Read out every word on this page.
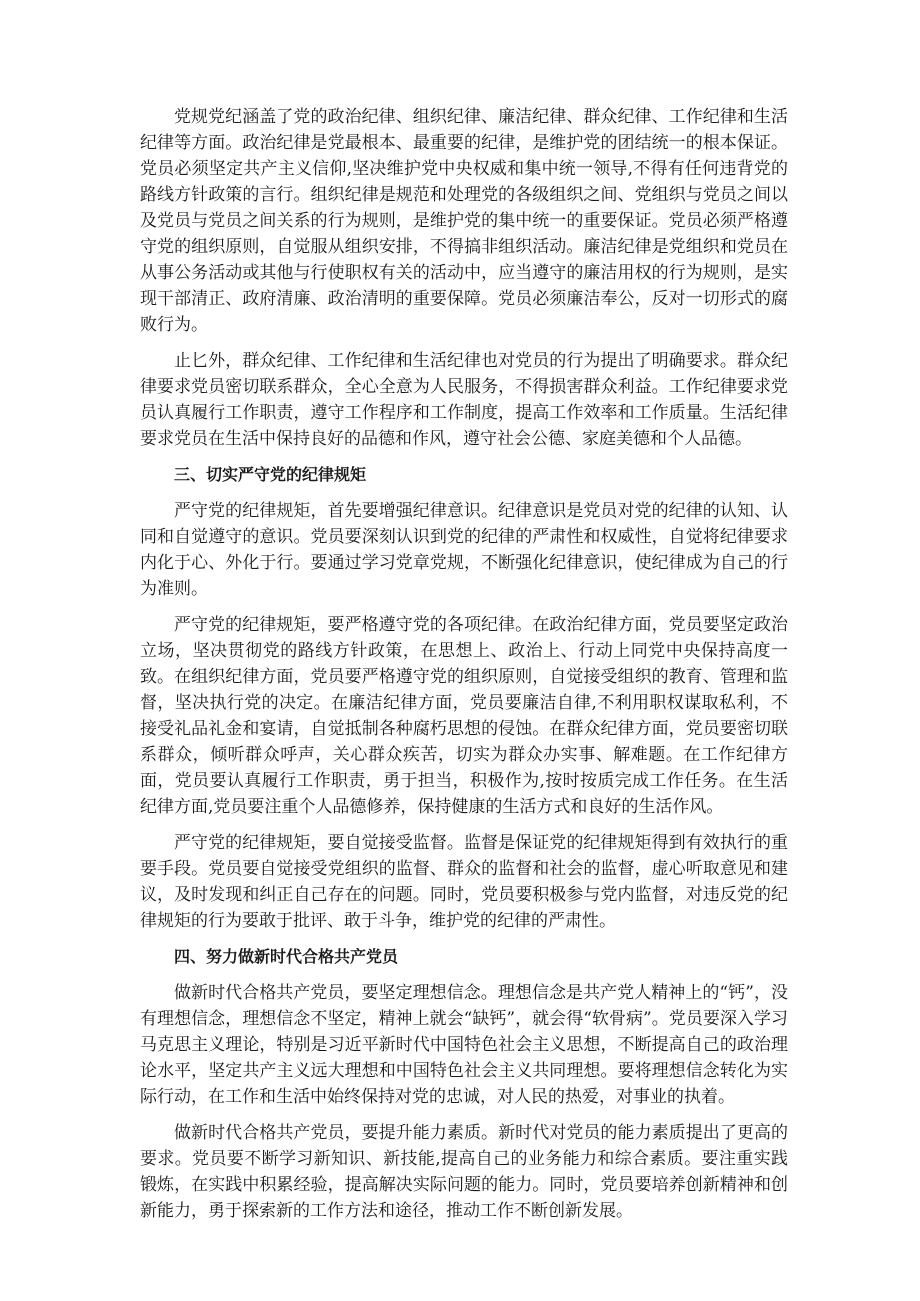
党规党纪涵盖了党的政治纪律、组织纪律、廉洁纪律、群众纪律、工作纪律和生活纪律等方面。政治纪律是党最根本、最重要的纪律，是维护党的团结统一的根本保证。党员必须坚定共产主义信仰,坚决维护党中央权威和集中统一领导,不得有任何违背党的路线方针政策的言行。组织纪律是规范和处理党的各级组织之间、党组织与党员之间以及党员与党员之间关系的行为规则，是维护党的集中统一的重要保证。党员必须严格遵守党的组织原则，自觉服从组织安排，不得搞非组织活动。廉洁纪律是党组织和党员在从事公务活动或其他与行使职权有关的活动中，应当遵守的廉洁用权的行为规则，是实现干部清正、政府清廉、政治清明的重要保障。党员必须廉洁奉公，反对一切形式的腐败行为。

止匕外，群众纪律、工作纪律和生活纪律也对党员的行为提出了明确要求。群众纪律要求党员密切联系群众，全心全意为人民服务，不得损害群众利益。工作纪律要求党员认真履行工作职责，遵守工作程序和工作制度，提高工作效率和工作质量。生活纪律要求党员在生活中保持良好的品德和作风，遵守社会公德、家庭美德和个人品德。

三、切实严守党的纪律规矩

严守党的纪律规矩，首先要增强纪律意识。纪律意识是党员对党的纪律的认知、认同和自觉遵守的意识。党员要深刻认识到党的纪律的严肃性和权威性，自觉将纪律要求内化于心、外化于行。要通过学习党章党规，不断强化纪律意识，使纪律成为自己的行为准则。

严守党的纪律规矩，要严格遵守党的各项纪律。在政治纪律方面，党员要坚定政治立场，坚决贯彻党的路线方针政策，在思想上、政治上、行动上同党中央保持高度一致。在组织纪律方面，党员要严格遵守党的组织原则，自觉接受组织的教育、管理和监督，坚决执行党的决定。在廉洁纪律方面，党员要廉洁自律,不利用职权谋取私利，不接受礼品礼金和宴请，自觉抵制各种腐朽思想的侵蚀。在群众纪律方面，党员要密切联系群众，倾听群众呼声，关心群众疾苦，切实为群众办实事、解难题。在工作纪律方面，党员要认真履行工作职责，勇于担当，积极作为,按时按质完成工作任务。在生活纪律方面,党员要注重个人品德修养，保持健康的生活方式和良好的生活作风。

严守党的纪律规矩，要自觉接受监督。监督是保证党的纪律规矩得到有效执行的重要手段。党员要自觉接受党组织的监督、群众的监督和社会的监督，虚心听取意见和建议，及时发现和纠正自己存在的问题。同时，党员要积极参与党内监督，对违反党的纪律规矩的行为要敢于批评、敢于斗争，维护党的纪律的严肃性。

四、努力做新时代合格共产党员

做新时代合格共产党员，要坚定理想信念。理想信念是共产党人精神上的“钙”，没有理想信念，理想信念不坚定，精神上就会“缺钙”，就会得“软骨病”。党员要深入学习马克思主义理论，特别是习近平新时代中国特色社会主义思想，不断提高自己的政治理论水平，坚定共产主义远大理想和中国特色社会主义共同理想。要将理想信念转化为实际行动，在工作和生活中始终保持对党的忠诚，对人民的热爱，对事业的执着。

做新时代合格共产党员，要提升能力素质。新时代对党员的能力素质提出了更高的要求。党员要不断学习新知识、新技能,提高自己的业务能力和综合素质。要注重实践锻炼，在实践中积累经验，提高解决实际问题的能力。同时，党员要培养创新精神和创新能力，勇于探索新的工作方法和途径，推动工作不断创新发展。
